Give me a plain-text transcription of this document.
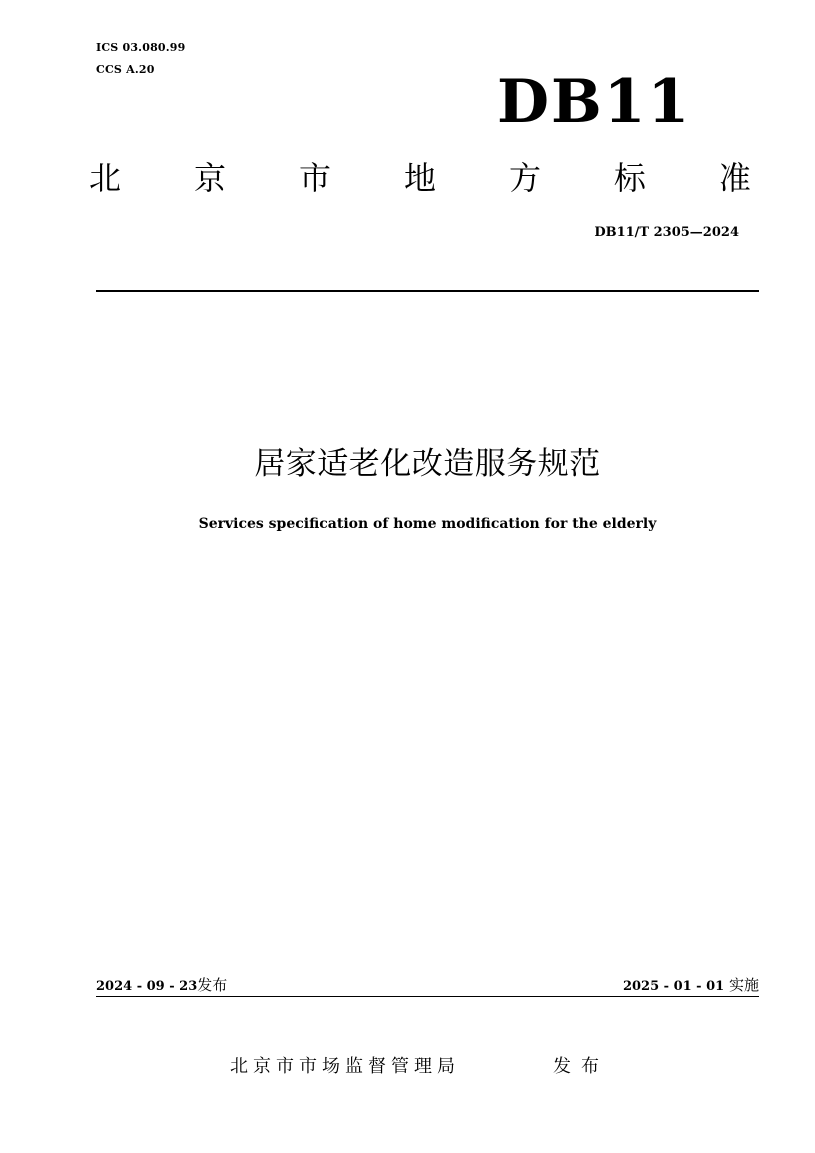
ICS 03.080.99
CCS A.20	DB11
北 京 市 地 方 标 准
DB11/T 2305—2024
居家适老化改造服务规范
Services specification of home modification for the elderly
2024 - 09 - 23发布	2025 - 01 - 01 实施
北京市市场监督管理局	发布
